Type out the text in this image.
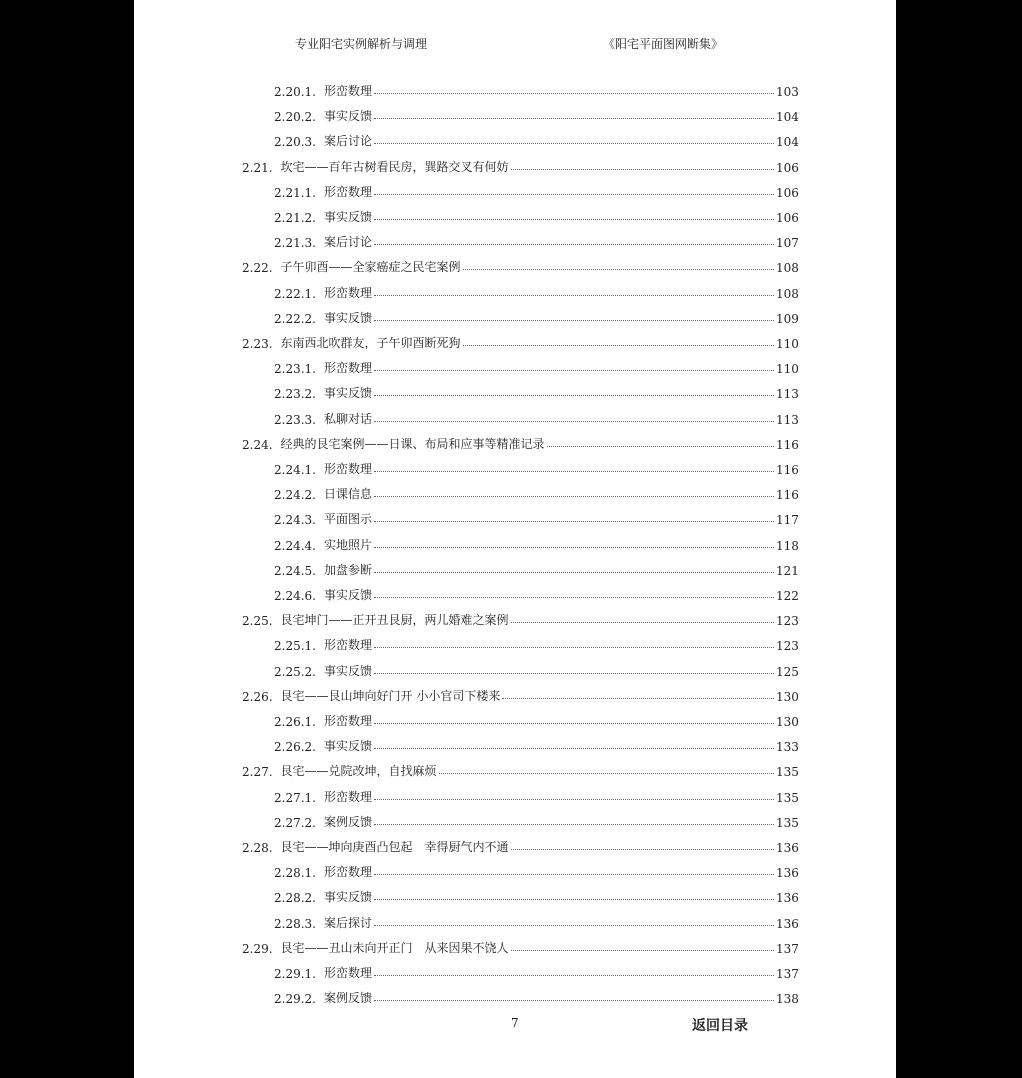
专业阳宅实例解析与调理	《阳宅平面图网断集》
2.20.1. 形峦数理	103
2.20.2. 事实反馈	104
2.20.3. 案后讨论	104
2.21. 坎宅——百年古树看民房，巽路交叉有何妨	106
2.21.1. 形峦数理	106
2.21.2. 事实反馈	106
2.21.3. 案后讨论	107
2.22. 子午卯酉——全家癌症之民宅案例	108
2.22.1. 形峦数理	108
2.22.2. 事实反馈	109
2.23. 东南西北吹群友，子午卯酉断死狗	110
2.23.1. 形峦数理	110
2.23.2. 事实反馈	113
2.23.3. 私聊对话	113
2.24. 经典的艮宅案例——日课、布局和应事等精准记录	116
2.24.1. 形峦数理	116
2.24.2. 日课信息	116
2.24.3. 平面图示	117
2.24.4. 实地照片	118
2.24.5. 加盘参断	121
2.24.6. 事实反馈	122
2.25. 艮宅坤门——正开丑艮厨，两儿婚难之案例	123
2.25.1. 形峦数理	123
2.25.2. 事实反馈	125
2.26. 艮宅——艮山坤向好门开 小小官司下楼来	130
2.26.1. 形峦数理	130
2.26.2. 事实反馈	133
2.27. 艮宅——兑院改坤，自找麻烦	135
2.27.1. 形峦数理	135
2.27.2. 案例反馈	135
2.28. 艮宅——坤向庚酉凸包起　幸得厨气内不通	136
2.28.1. 形峦数理	136
2.28.2. 事实反馈	136
2.28.3. 案后探讨	136
2.29. 艮宅——丑山未向开正门　从来因果不饶人	137
2.29.1. 形峦数理	137
2.29.2. 案例反馈	138
7	返回目录
